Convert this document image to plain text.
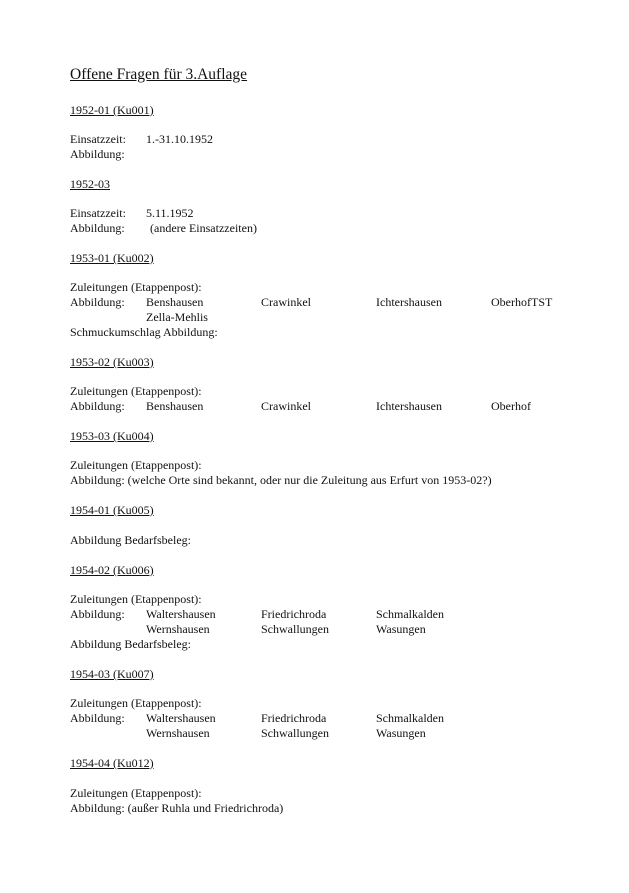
Offene Fragen für 3.Auflage
1952-01 (Ku001)
Einsatzzeit: 1.-31.10.1952
Abbildung:
1952-03
Einsatzzeit: 5.11.1952
Abbildung: (andere Einsatzzeiten)
1953-01 (Ku002)
Zuleitungen (Etappenpost):
Abbildung: Benshausen	Crawinkel	Ichtershausen	OberhofTST
Zella-Mehlis
Schmuckumschlag Abbildung:
1953-02 (Ku003)
Zuleitungen (Etappenpost):
Abbildung: Benshausen	Crawinkel	Ichtershausen	Oberhof
1953-03 (Ku004)
Zuleitungen (Etappenpost):
Abbildung: (welche Orte sind bekannt, oder nur die Zuleitung aus Erfurt von 1953-02?)
1954-01 (Ku005)
Abbildung Bedarfsbeleg:
1954-02 (Ku006)
Zuleitungen (Etappenpost):
Abbildung: Waltershausen	Friedrichroda	Schmalkalden
Wernshausen	Schwallungen	Wasungen
Abbildung Bedarfsbeleg:
1954-03 (Ku007)
Zuleitungen (Etappenpost):
Abbildung: Waltershausen	Friedrichroda	Schmalkalden
Wernshausen	Schwallungen	Wasungen
1954-04 (Ku012)
Zuleitungen (Etappenpost):
Abbildung: (außer Ruhla und Friedrichroda)
